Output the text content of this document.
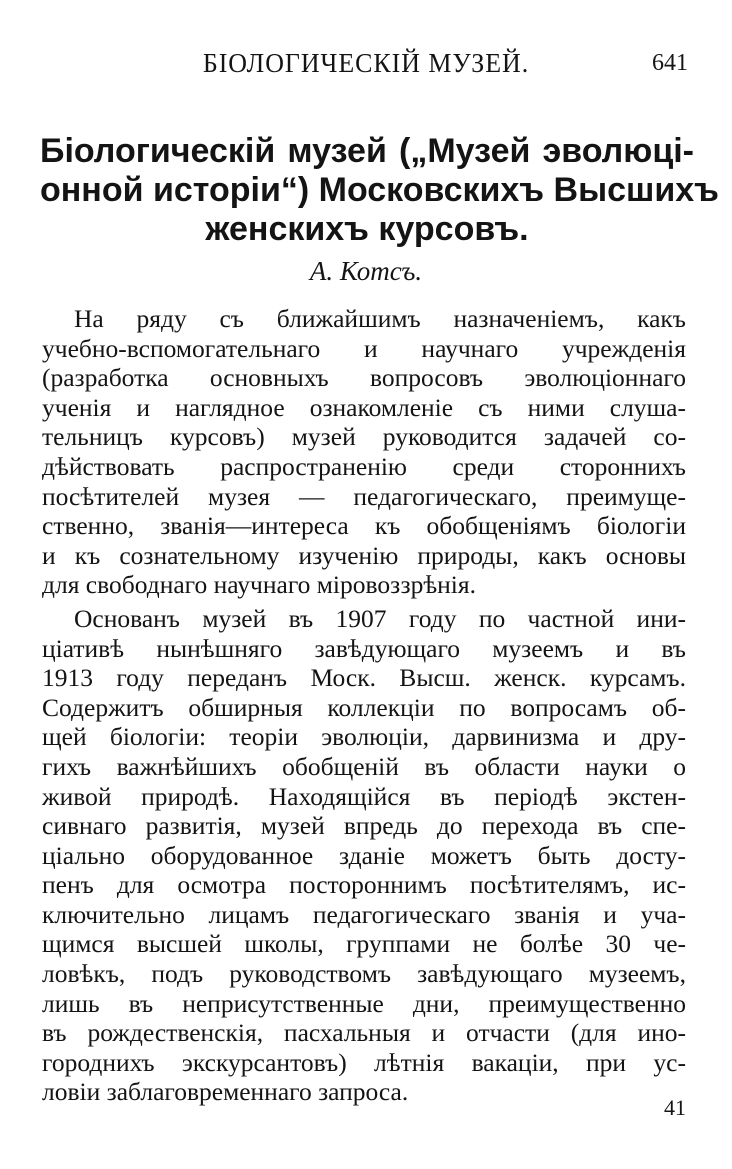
БІОЛОГИЧЕСКІЙ МУЗЕЙ.	641
Біологическій музей („Музей эволюці-
онной исторіи“) Московскихъ Высшихъ
женскихъ курсовъ.
А. Котсъ.
На ряду съ ближайшимъ назначеніемъ, какъ
учебно-вспомогательнаго и научнаго учрежденія
(разработка основныхъ вопросовъ эволюціоннаго
ученія и наглядное ознакомленіе съ ними слуша-
тельницъ курсовъ) музей руководится задачей со-
дѣйствовать распространенію среди стороннихъ
посѣтителей музея — педагогическаго, преимуще-
ственно, званія—интереса къ обобщеніямъ біологіи
и къ сознательному изученію природы, какъ основы
для свободнаго научнаго міровоззрѣнія.
Основанъ музей въ 1907 году по частной ини-
ціативѣ нынѣшняго завѣдующаго музеемъ и въ
1913 году переданъ Моск. Высш. женск. курсамъ.
Содержитъ обширныя коллекціи по вопросамъ об-
щей біологіи: теоріи эволюціи, дарвинизма и дру-
гихъ важнѣйшихъ обобщеній въ области науки о
живой природѣ. Находящійся въ періодѣ экстен-
сивнаго развитія, музей впредь до перехода въ спе-
ціально оборудованное зданіе можетъ быть досту-
пенъ для осмотра постороннимъ посѣтителямъ, ис-
ключительно лицамъ педагогическаго званія и уча-
щимся высшей школы, группами не болѣе 30 че-
ловѣкъ, подъ руководствомъ завѣдующаго музеемъ,
лишь въ неприсутственные дни, преимущественно
въ рождественскія, пасхальныя и отчасти (для ино-
городнихъ экскурсантовъ) лѣтнія вакаціи, при ус-
ловіи заблаговременнаго запроса.
41
